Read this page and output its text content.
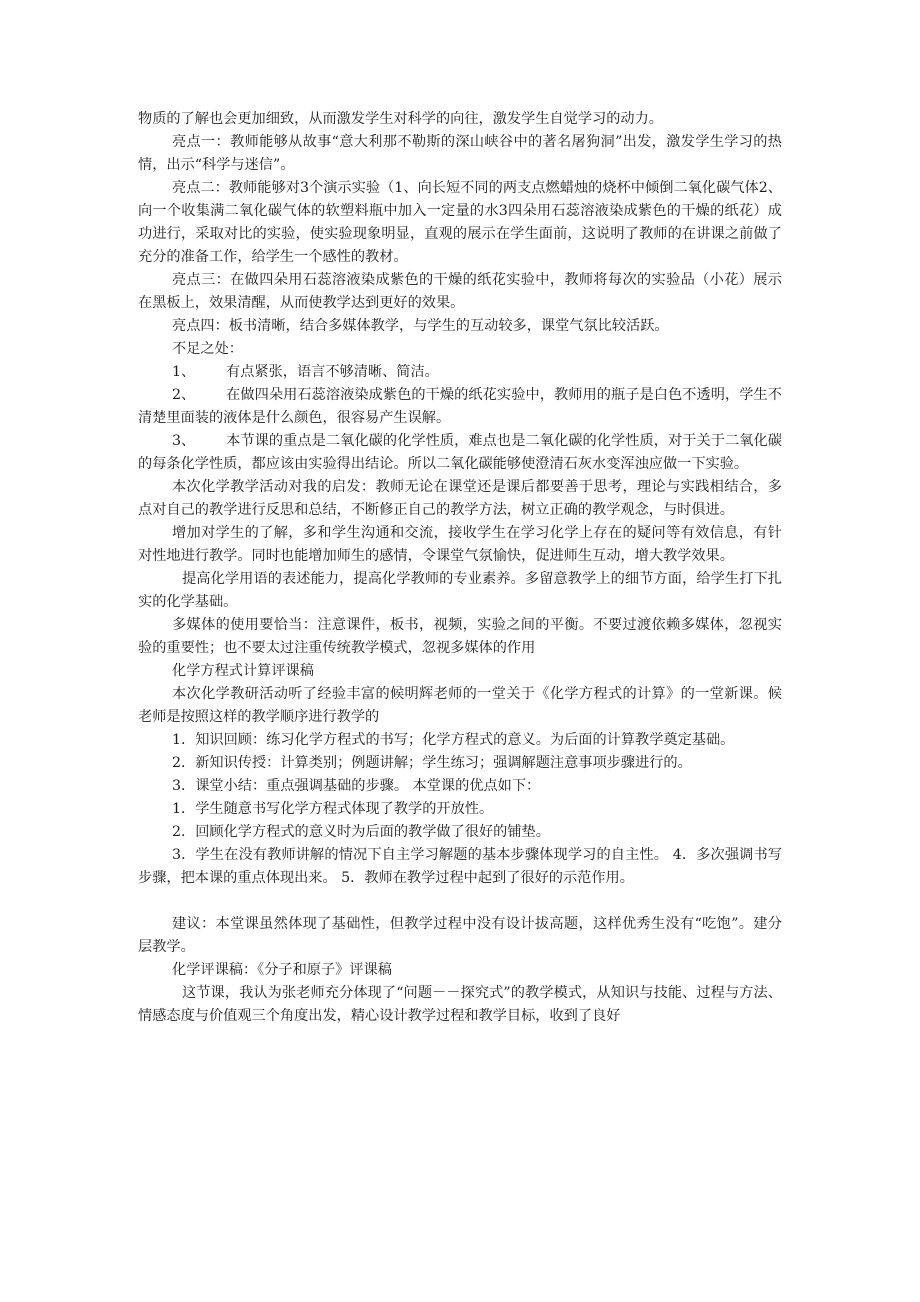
物质的了解也会更加细致，从而激发学生对科学的向往，激发学生自觉学习的动力。

亮点一：教师能够从故事“意大利那不勒斯的深山峡谷中的著名屠狗洞”出发，激发学生学习的热情，出示“科学与迷信”。

亮点二：教师能够对3个演示实验（1、向长短不同的两支点燃蜡烛的烧杯中倾倒二氧化碳气体2、向一个收集满二氧化碳气体的软塑料瓶中加入一定量的水3四朵用石蕊溶液染成紫色的干燥的纸花）成功进行，采取对比的实验，使实验现象明显，直观的展示在学生面前，这说明了教师的在讲课之前做了充分的准备工作，给学生一个感性的教材。

亮点三：在做四朵用石蕊溶液染成紫色的干燥的纸花实验中，教师将每次的实验品（小花）展示在黑板上，效果清醒，从而使教学达到更好的效果。

亮点四：板书清晰，结合多媒体教学，与学生的互动较多，课堂气氛比较活跃。

不足之处：

1、 有点紧张，语言不够清晰、简洁。

2、 在做四朵用石蕊溶液染成紫色的干燥的纸花实验中，教师用的瓶子是白色不透明，学生不清楚里面装的液体是什么颜色，很容易产生误解。

3、 本节课的重点是二氧化碳的化学性质，难点也是二氧化碳的化学性质，对于关于二氧化碳的每条化学性质，都应该由实验得出结论。所以二氧化碳能够使澄清石灰水变浑浊应做一下实验。

本次化学教学活动对我的启发：教师无论在课堂还是课后都要善于思考，理论与实践相结合，多点对自己的教学进行反思和总结，不断修正自己的教学方法，树立正确的教学观念，与时俱进。

增加对学生的了解，多和学生沟通和交流，接收学生在学习化学上存在的疑问等有效信息，有针对性地进行教学。同时也能增加师生的感情，令课堂气氛愉快，促进师生互动，增大教学效果。

提高化学用语的表述能力，提高化学教师的专业素养。多留意教学上的细节方面，给学生打下扎实的化学基础。

多媒体的使用要恰当：注意课件，板书，视频，实验之间的平衡。不要过渡依赖多媒体，忽视实验的重要性；也不要太过注重传统教学模式，忽视多媒体的作用

化学方程式计算评课稿

本次化学教研活动听了经验丰富的候明辉老师的一堂关于《化学方程式的计算》的一堂新课。候老师是按照这样的教学顺序进行教学的

1．知识回顾：练习化学方程式的书写；化学方程式的意义。为后面的计算教学奠定基础。

2．新知识传授：计算类别；例题讲解；学生练习；强调解题注意事项步骤进行的。

3．课堂小结：重点强调基础的步骤。 本堂课的优点如下：

1．学生随意书写化学方程式体现了教学的开放性。

2．回顾化学方程式的意义时为后面的教学做了很好的铺垫。

3．学生在没有教师讲解的情况下自主学习解题的基本步骤体现学习的自主性。 4．多次强调书写步骤，把本课的重点体现出来。 5．教师在教学过程中起到了很好的示范作用。

建议：本堂课虽然体现了基础性，但教学过程中没有设计拔高题，这样优秀生没有“吃饱”。建分层教学。

化学评课稿：《分子和原子》评课稿

这节课，我认为张老师充分体现了“问题－－探究式”的教学模式，从知识与技能、过程与方法、情感态度与价值观三个角度出发，精心设计教学过程和教学目标，收到了良好
